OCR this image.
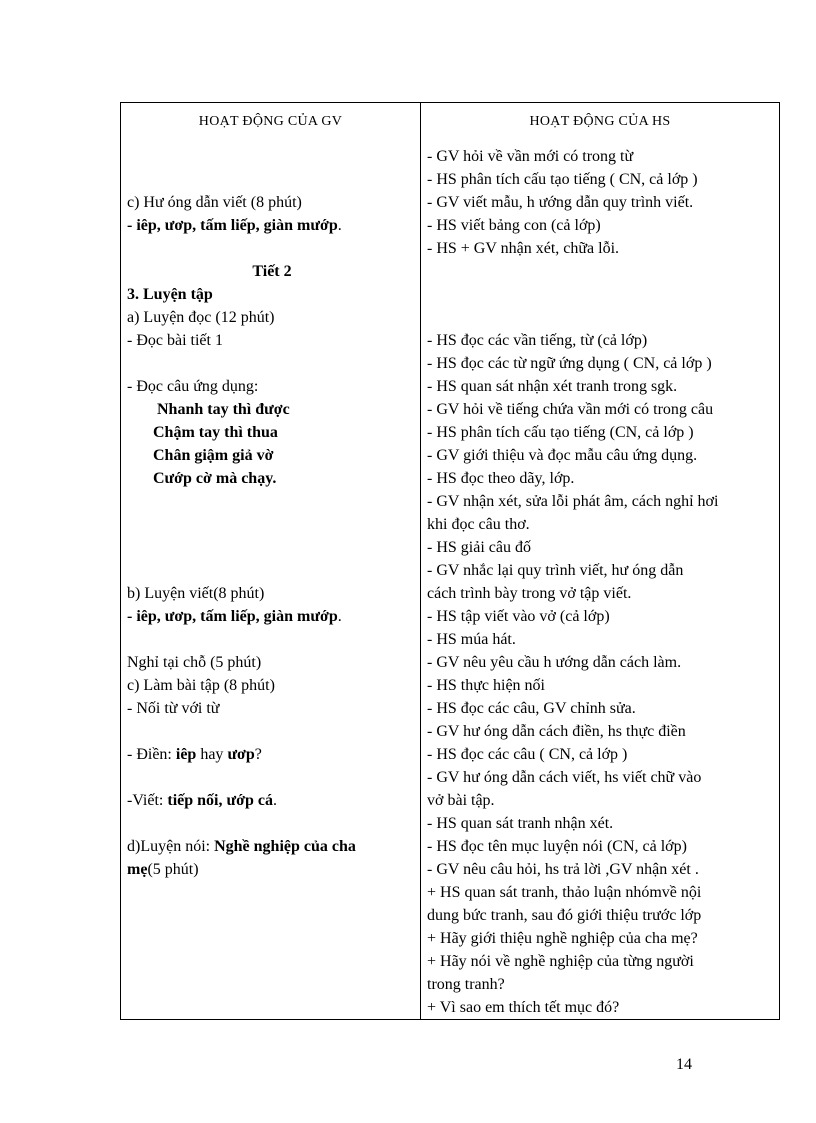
HOẠT ĐỘNG CỦA GV	HOẠT ĐỘNG CỦA HS
c) Hư óng dẫn viết (8 phút)
- iêp, ươp, tấm liếp, giàn mướp.
Tiết 2
3. Luyện tập
a) Luyện đọc (12 phút)
- Đọc bài tiết 1
- Đọc câu ứng dụng:
Nhanh tay thì được
Chậm tay thì thua
Chân giậm giả vờ
Cướp cờ mà chạy.
b) Luyện viết(8 phút)
- iêp, ươp, tấm liếp, giàn mướp.
Nghỉ tại chỗ (5 phút)
c) Làm bài tập (8 phút)
- Nối từ với từ
- Điền: iêp hay ươp?
-Viết: tiếp nối, ướp cá.
d)Luyện nói: Nghề nghiệp của cha
mẹ(5 phút)
- GV hỏi về vần mới có trong từ
- HS phân tích cấu tạo tiếng ( CN, cả lớp )
- GV viết mẫu, h ướng dẫn quy trình viết.
- HS viết bảng con (cả lớp)
- HS + GV nhận xét, chữa lỗi.
- HS đọc các vần tiếng, từ (cả lớp)
- HS đọc các từ ngữ ứng dụng ( CN, cả lớp )
- HS quan sát nhận xét tranh trong sgk.
- GV hỏi về tiếng chứa vần mới có trong câu
- HS phân tích cấu tạo tiếng (CN, cả lớp )
- GV giới thiệu và đọc mẫu câu ứng dụng.
- HS đọc theo dãy, lớp.
- GV nhận xét, sửa lỗi phát âm, cách nghỉ hơi
khi đọc câu thơ.
- HS giải câu đố
- GV nhắc lại quy trình viết, hư óng dẫn
cách trình bày trong vở tập viết.
- HS tập viết vào vở (cả lớp)
- HS múa hát.
- GV nêu yêu cầu h ướng dẫn cách làm.
- HS thực hiện nối
- HS đọc các câu, GV chỉnh sửa.
- GV hư óng dẫn cách điền, hs thực điền
- HS đọc các câu ( CN, cả lớp )
- GV hư óng dẫn cách viết, hs viết chữ vào
vở bài tập.
- HS quan sát tranh nhận xét.
- HS đọc tên mục luyện nói (CN, cả lớp)
- GV nêu câu hỏi, hs trả lời ,GV nhận xét .
+ HS quan sát tranh, thảo luận nhómvề nội
dung bức tranh, sau đó giới thiệu trước lớp
+ Hãy giới thiệu nghề nghiệp của cha mẹ?
+ Hãy nói về nghề nghiệp của từng người
trong tranh?
+ Vì sao em thích tết mục đó?
14
